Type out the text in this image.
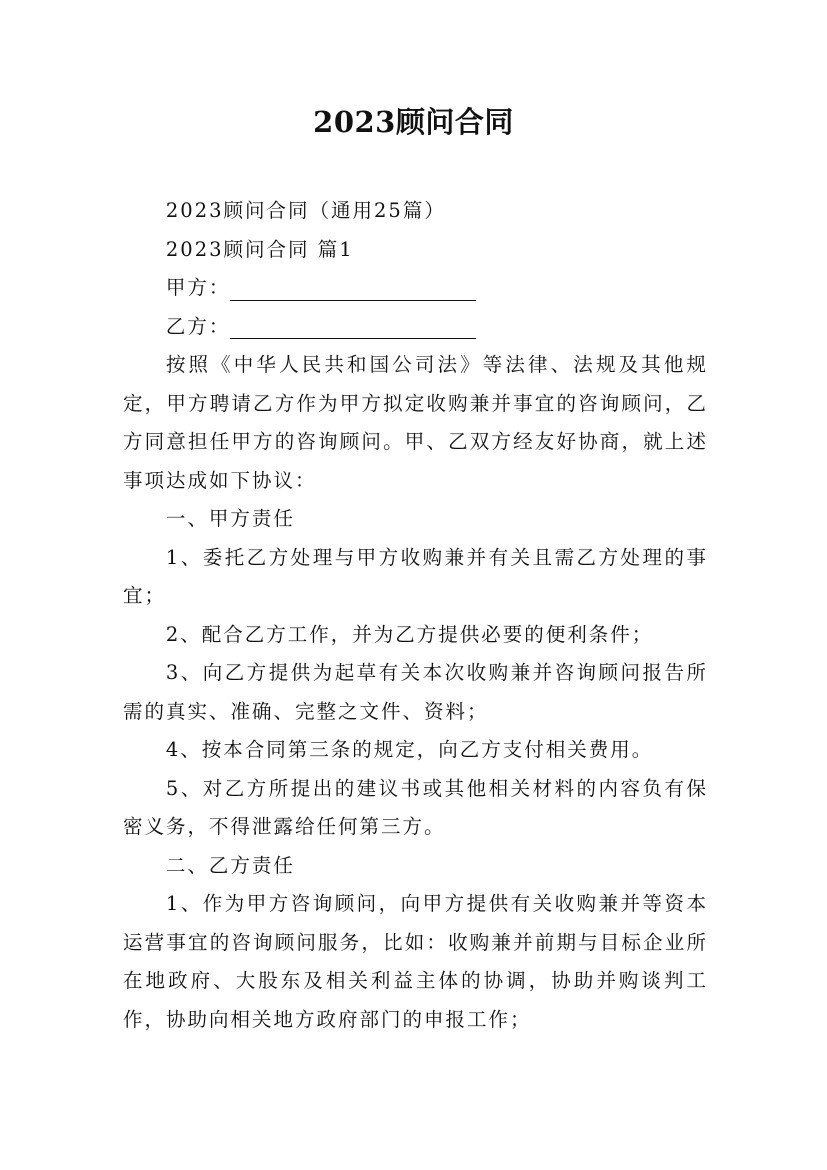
2023顾问合同

2023顾问合同（通用25篇）

2023顾问合同 篇1

甲方：

乙方：

按照《中华人民共和国公司法》等法律、法规及其他规定，甲方聘请乙方作为甲方拟定收购兼并事宜的咨询顾问，乙方同意担任甲方的咨询顾问。甲、乙双方经友好协商，就上述事项达成如下协议：

一、甲方责任

1、委托乙方处理与甲方收购兼并有关且需乙方处理的事宜；

2、配合乙方工作，并为乙方提供必要的便利条件；

3、向乙方提供为起草有关本次收购兼并咨询顾问报告所需的真实、准确、完整之文件、资料；

4、按本合同第三条的规定，向乙方支付相关费用。

5、对乙方所提出的建议书或其他相关材料的内容负有保密义务，不得泄露给任何第三方。

二、乙方责任

1、作为甲方咨询顾问，向甲方提供有关收购兼并等资本运营事宜的咨询顾问服务，比如：收购兼并前期与目标企业所在地政府、大股东及相关利益主体的协调，协助并购谈判工作，协助向相关地方政府部门的申报工作；
